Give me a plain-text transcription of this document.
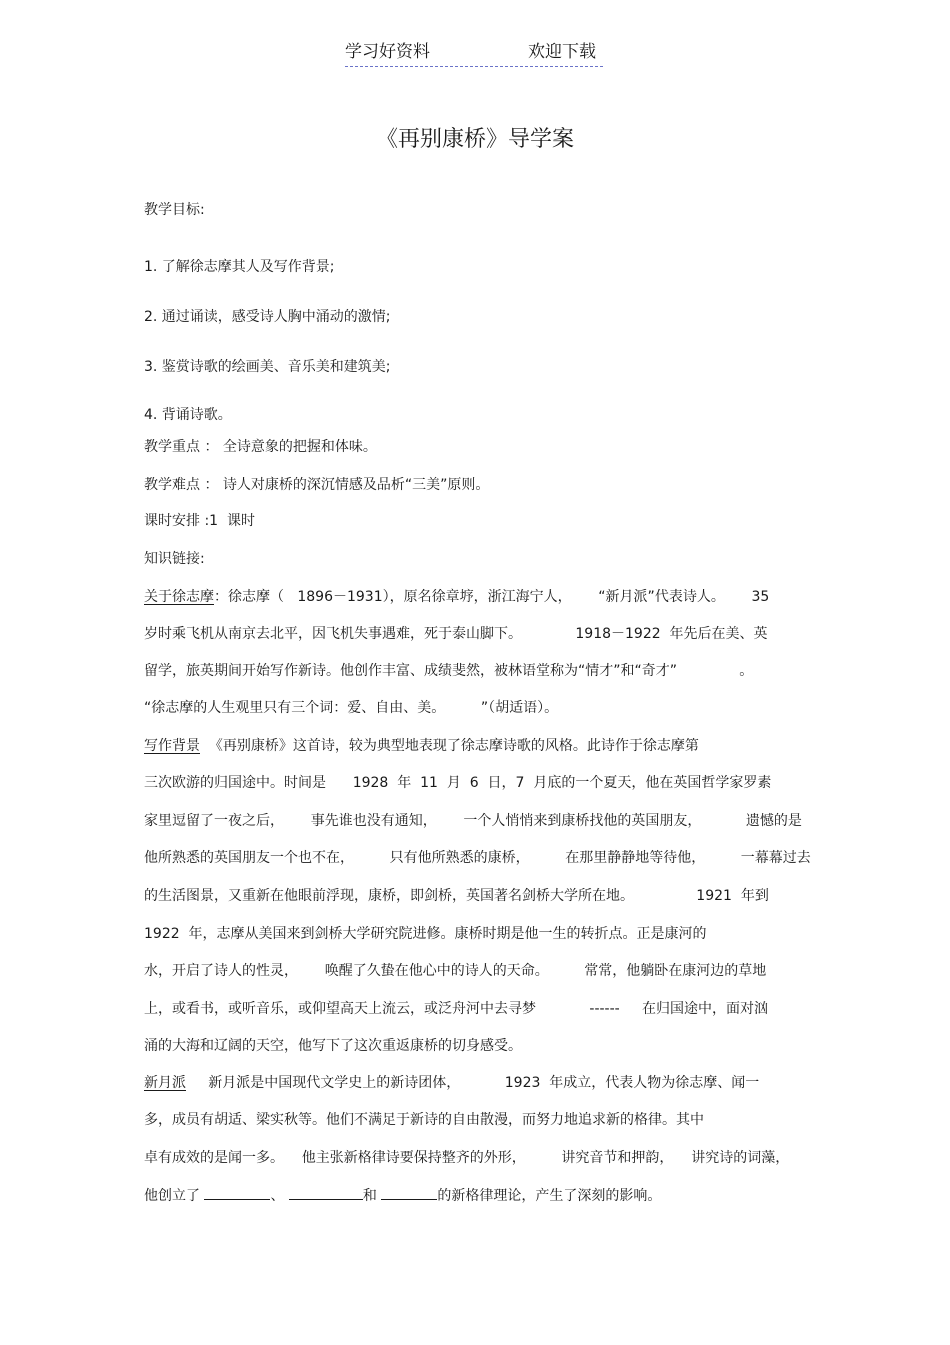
学习好资料	欢迎下载
《再别康桥》导学案
教学目标:
1. 了解徐志摩其人及写作背景;
2. 通过诵读，感受诗人胸中涌动的激情;
3. 鉴赏诗歌的绘画美、音乐美和建筑美;
4. 背诵诗歌。
教学重点 ： 全诗意象的把握和体味。
教学难点 ： 诗人对康桥的深沉情感及品析“三美”原则。
课时安排 :1  课时
知识链接:
关于徐志摩：徐志摩（   1896－1931），原名徐章垿，浙江海宁人，      “新月派”代表诗人。      35
岁时乘飞机从南京去北平，因飞机失事遇难，死于泰山脚下。            1918－1922  年先后在美、英
留学，旅英期间开始写作新诗。他创作丰富、成绩斐然，被林语堂称为“情才”和“奇才”              。
“徐志摩的人生观里只有三个词：爱、自由、美。        ”（胡适语）。
写作背景  《再别康桥》这首诗，较为典型地表现了徐志摩诗歌的风格。此诗作于徐志摩第
三次欧游的归国途中。时间是      1928  年  11  月  6  日，7  月底的一个夏天，他在英国哲学家罗素
家里逗留了一夜之后，      事先谁也没有通知，      一个人悄悄来到康桥找他的英国朋友，          遗憾的是
他所熟悉的英国朋友一个也不在，        只有他所熟悉的康桥，        在那里静静地等待他，        一幕幕过去
的生活图景，又重新在他眼前浮现，康桥，即剑桥，英国著名剑桥大学所在地。              1921  年到
1922  年，志摩从美国来到剑桥大学研究院进修。康桥时期是他一生的转折点。正是康河的
水，开启了诗人的性灵，      唤醒了久蛰在他心中的诗人的天命。        常常，他躺卧在康河边的草地
上，或看书，或听音乐，或仰望高天上流云，或泛舟河中去寻梦            ------     在归国途中，面对汹
涌的大海和辽阔的天空，他写下了这次重返康桥的切身感受。
新月派     新月派是中国现代文学史上的新诗团体，          1923  年成立，代表人物为徐志摩、闻一
多，成员有胡适、梁实秋等。他们不满足于新诗的自由散漫，而努力地追求新的格律。其中
卓有成效的是闻一多。    他主张新格律诗要保持整齐的外形，        讲究音节和押韵，    讲究诗的词藻，
他创立了	、	和	的新格律理论，产生了深刻的影响。
